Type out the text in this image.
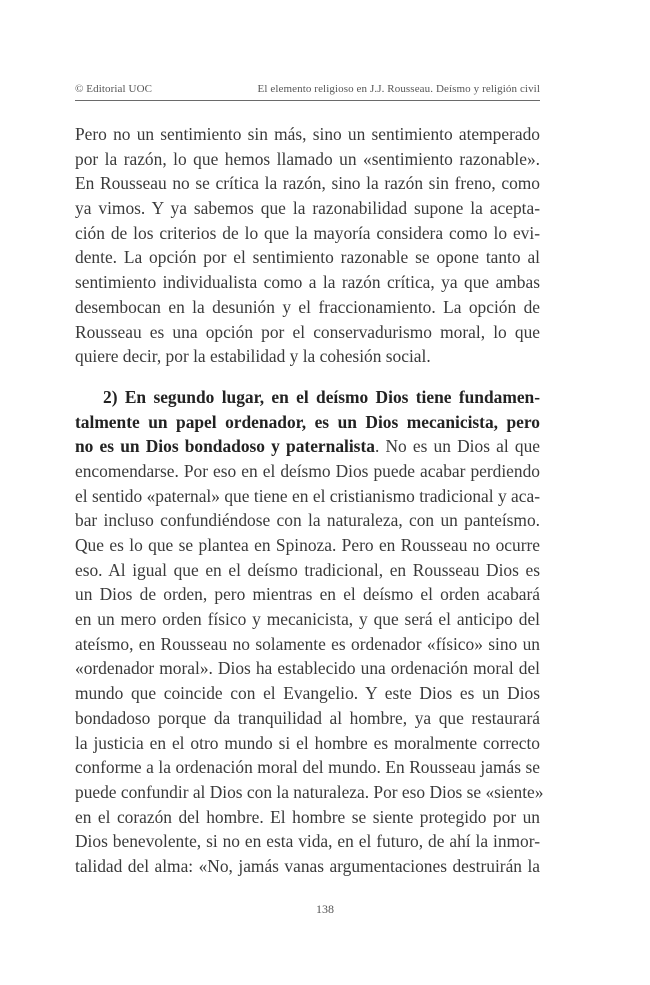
© Editorial UOC	El elemento religioso en J.J. Rousseau. Deísmo y religión civil
Pero no un sentimiento sin más, sino un sentimiento atemperado
por la razón, lo que hemos llamado un «sentimiento razonable».
En Rousseau no se crítica la razón, sino la razón sin freno, como
ya vimos. Y ya sabemos que la razonabilidad supone la acepta-
ción de los criterios de lo que la mayoría considera como lo evi-
dente. La opción por el sentimiento razonable se opone tanto al
sentimiento individualista como a la razón crítica, ya que ambas
desembocan en la desunión y el fraccionamiento. La opción de
Rousseau es una opción por el conservadurismo moral, lo que
quiere decir, por la estabilidad y la cohesión social.
2) En segundo lugar, en el deísmo Dios tiene fundamen-
talmente un papel ordenador, es un Dios mecanicista, pero
no es un Dios bondadoso y paternalista. No es un Dios al que
encomendarse. Por eso en el deísmo Dios puede acabar perdiendo
el sentido «paternal» que tiene en el cristianismo tradicional y aca-
bar incluso confundiéndose con la naturaleza, con un panteísmo.
Que es lo que se plantea en Spinoza. Pero en Rousseau no ocurre
eso. Al igual que en el deísmo tradicional, en Rousseau Dios es
un Dios de orden, pero mientras en el deísmo el orden acabará
en un mero orden físico y mecanicista, y que será el anticipo del
ateísmo, en Rousseau no solamente es ordenador «físico» sino un
«ordenador moral». Dios ha establecido una ordenación moral del
mundo que coincide con el Evangelio. Y este Dios es un Dios
bondadoso porque da tranquilidad al hombre, ya que restaurará
la justicia en el otro mundo si el hombre es moralmente correcto
conforme a la ordenación moral del mundo. En Rousseau jamás se
puede confundir al Dios con la naturaleza. Por eso Dios se «siente»
en el corazón del hombre. El hombre se siente protegido por un
Dios benevolente, si no en esta vida, en el futuro, de ahí la inmor-
talidad del alma: «No, jamás vanas argumentaciones destruirán la
138
